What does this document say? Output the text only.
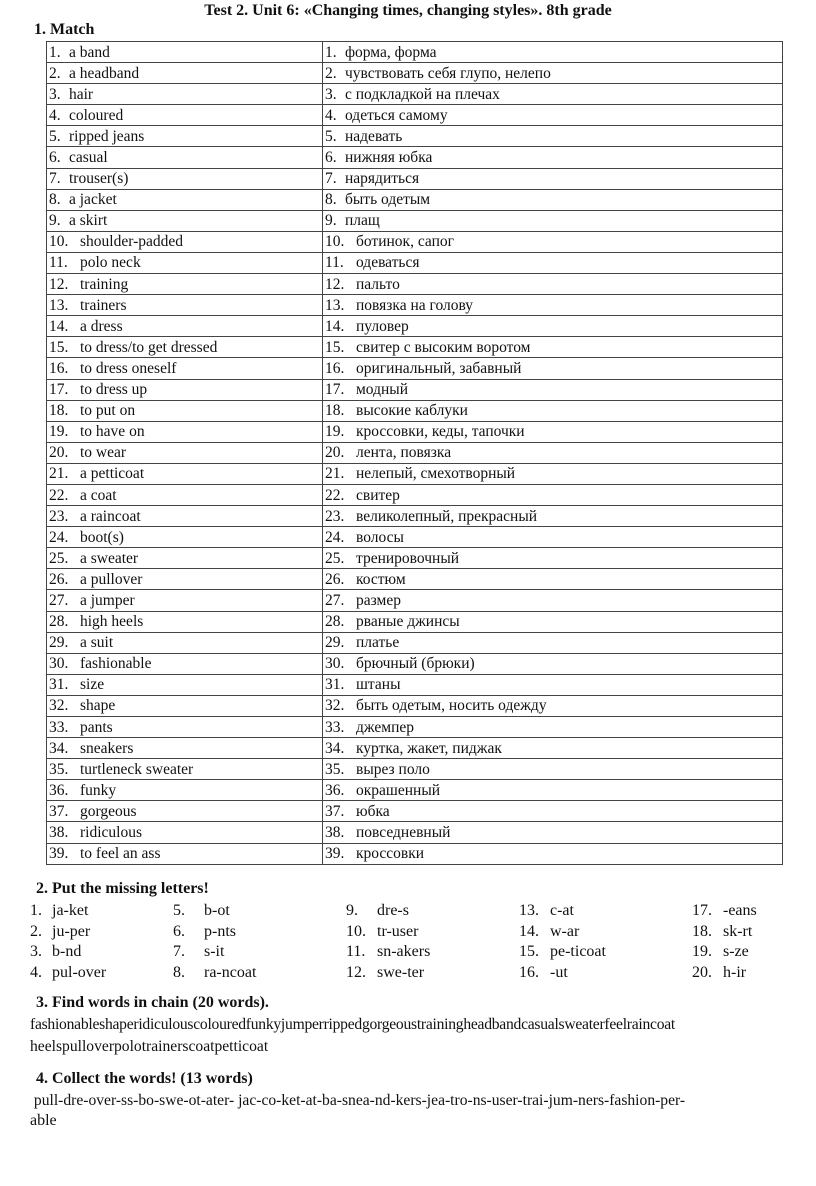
Test 2. Unit 6: «Changing times, changing styles». 8th grade
1. Match
1. a band	1. форма, форма
2. a headband	2. чувствовать себя глупо, нелепо
3. hair	3. с подкладкой на плечах
4. coloured	4. одеться самому
5. ripped jeans	5. надевать
6. casual	6. нижняя юбка
7. trouser(s)	7. нарядиться
8. a jacket	8. быть одетым
9. a skirt	9. плащ
10. shoulder-padded	10. ботинок, сапог
11. polo neck	11. одеваться
12. training	12. пальто
13. trainers	13. повязка на голову
14. a dress	14. пуловер
15. to dress/to get dressed	15. свитер с высоким воротом
16. to dress oneself	16. оригинальный, забавный
17. to dress up	17. модный
18. to put on	18. высокие каблуки
19. to have on	19. кроссовки, кеды, тапочки
20. to wear	20. лента, повязка
21. a petticoat	21. нелепый, смехотворный
22. a coat	22. свитер
23. a raincoat	23. великолепный, прекрасный
24. boot(s)	24. волосы
25. a sweater	25. тренировочный
26. a pullover	26. костюм
27. a jumper	27. размер
28. high heels	28. рваные джинсы
29. a suit	29. платье
30. fashionable	30. брючный (брюки)
31. size	31. штаны
32. shape	32. быть одетым, носить одежду
33. pants	33. джемпер
34. sneakers	34. куртка, жакет, пиджак
35. turtleneck sweater	35. вырез поло
36. funky	36. окрашенный
37. gorgeous	37. юбка
38. ridiculous	38. повседневный
39. to feel an ass	39. кроссовки
2. Put the missing letters!
1. ja-ket	5. b-ot	9. dre-s	13. c-at	17. -eans
2. ju-per	6. p-nts	10. tr-user	14. w-ar	18. sk-rt
3. b-nd	7. s-it	11. sn-akers	15. pe-ticoat	19. s-ze
4. pul-over	8. ra-ncoat	12. swe-ter	16. -ut	20. h-ir
3. Find words in chain (20 words).
fashionableshaperidiculouscolouredfunkyjumperrippedgorgeoustrainingheadbandcasualsweaterfeelraincoat
heelspulloverpolotrainerscoatpetticoat
4. Collect the words! (13 words)
pull-dre-over-ss-bo-swe-ot-ater- jac-co-ket-at-ba-snea-nd-kers-jea-tro-ns-user-trai-jum-ners-fashion-per-
able
